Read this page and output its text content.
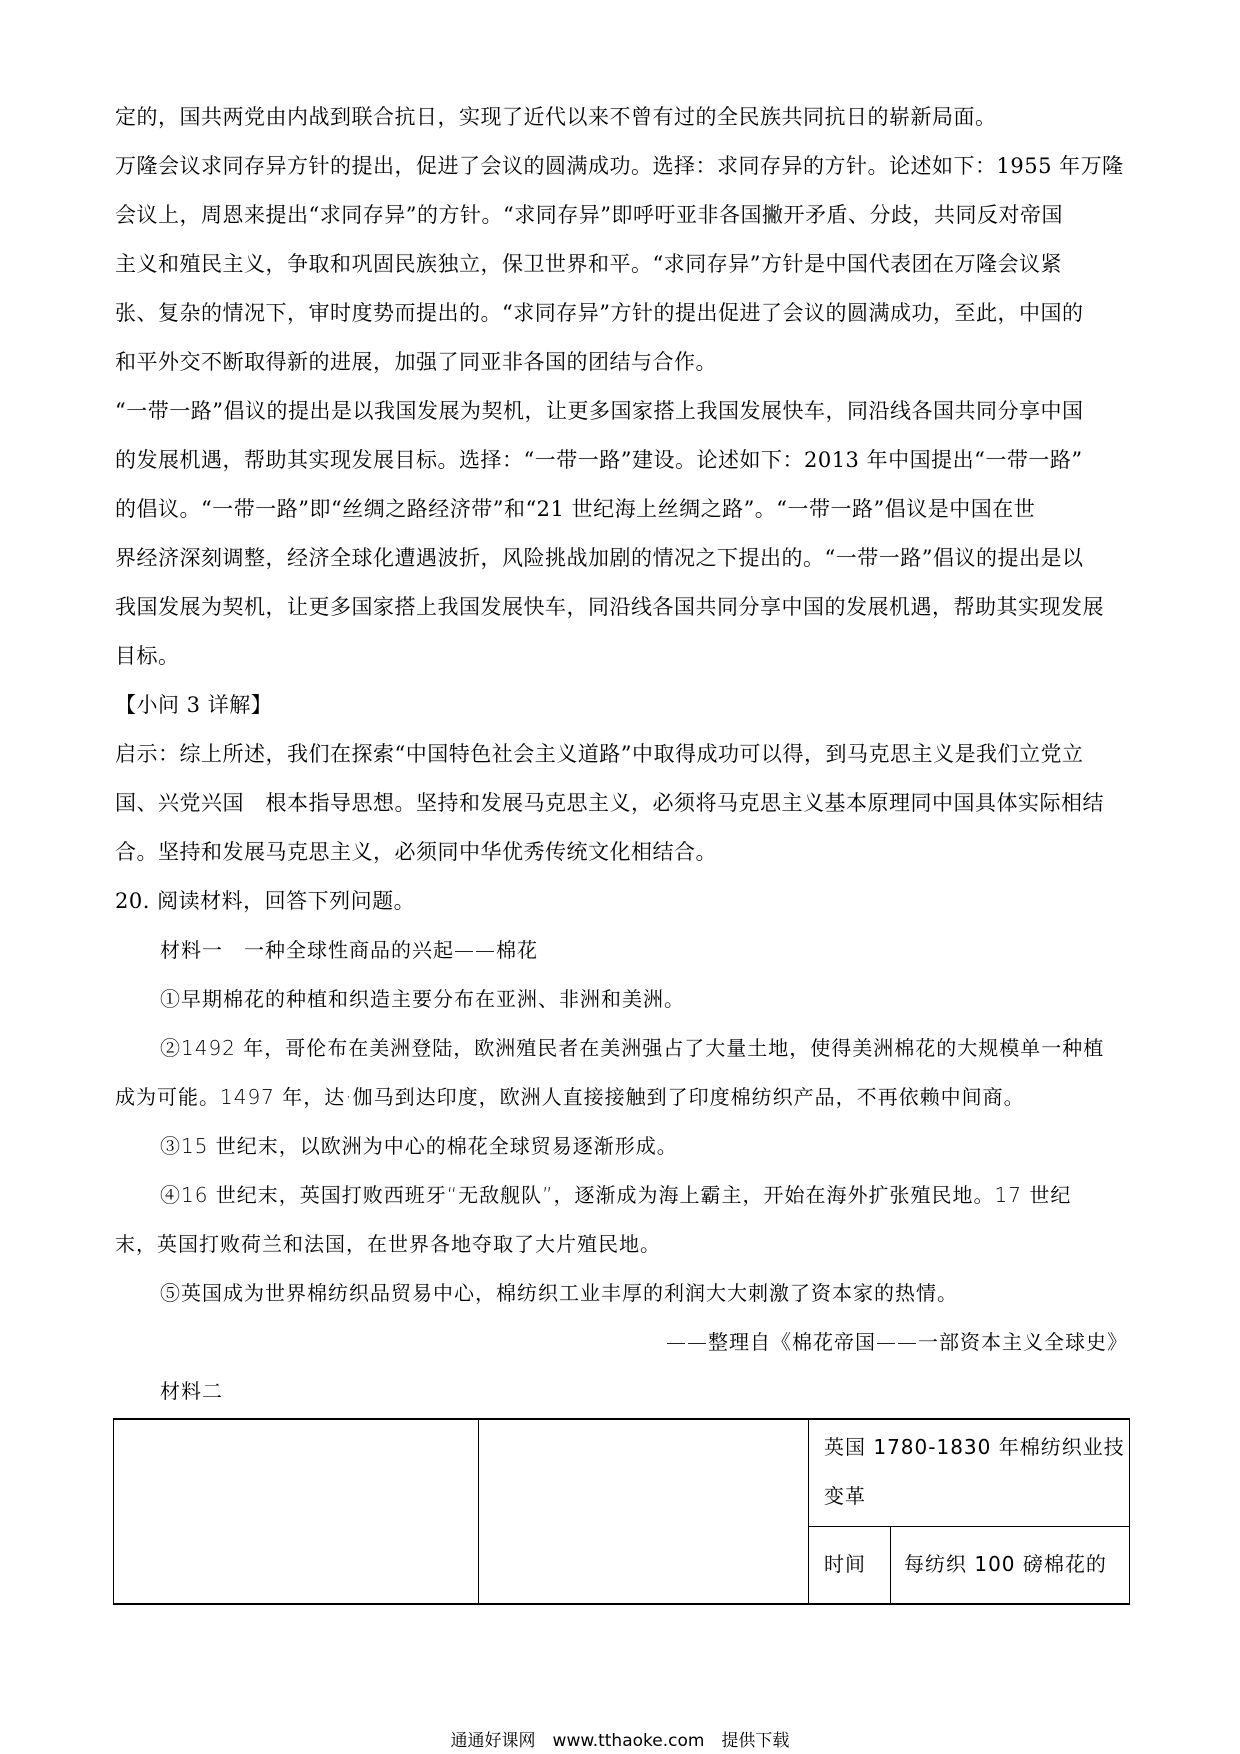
定的，国共两党由内战到联合抗日，实现了近代以来不曾有过的全民族共同抗日的崭新局面。
万隆会议求同存异方针的提出，促进了会议的圆满成功。选择：求同存异的方针。论述如下：1955 年万隆
会议上，周恩来提出“求同存异”的方针。“求同存异”即呼吁亚非各国撇开矛盾、分歧，共同反对帝国
主义和殖民主义，争取和巩固民族独立，保卫世界和平。“求同存异”方针是中国代表团在万隆会议紧
张、复杂的情况下，审时度势而提出的。“求同存异”方针的提出促进了会议的圆满成功，至此，中国的
和平外交不断取得新的进展，加强了同亚非各国的团结与合作。
“一带一路”倡议的提出是以我国发展为契机，让更多国家搭上我国发展快车，同沿线各国共同分享中国
的发展机遇，帮助其实现发展目标。选择：“一带一路”建设。论述如下：2013 年中国提出“一带一路”
的倡议。“一带一路”即“丝绸之路经济带”和“21 世纪海上丝绸之路”。“一带一路”倡议是中国在世
界经济深刻调整，经济全球化遭遇波折，风险挑战加剧的情况之下提出的。“一带一路”倡议的提出是以
我国发展为契机，让更多国家搭上我国发展快车，同沿线各国共同分享中国的发展机遇，帮助其实现发展
目标。
【小问 3 详解】
启示：综上所述，我们在探索“中国特色社会主义道路”中取得成功可以得，到马克思主义是我们立党立
国、兴党兴国　根本指导思想。坚持和发展马克思主义，必须将马克思主义基本原理同中国具体实际相结
合。坚持和发展马克思主义，必须同中华优秀传统文化相结合。
20. 阅读材料，回答下列问题。
材料一　一种全球性商品的兴起——棉花
①早期棉花的种植和织造主要分布在亚洲、非洲和美洲。
②1492 年，哥伦布在美洲登陆，欧洲殖民者在美洲强占了大量土地，使得美洲棉花的大规模单一种植
成为可能。1497 年，达·伽马到达印度，欧洲人直接接触到了印度棉纺织产品，不再依赖中间商。
③15 世纪末，以欧洲为中心的棉花全球贸易逐渐形成。
④16 世纪末，英国打败西班牙“无敌舰队”，逐渐成为海上霸主，开始在海外扩张殖民地。17 世纪
末，英国打败荷兰和法国，在世界各地夺取了大片殖民地。
⑤英国成为世界棉纺织品贸易中心，棉纺织工业丰厚的利润大大刺激了资本家的热情。
——整理自《棉花帝国——一部资本主义全球史》
材料二
英国 1780-1830 年棉纺织业技
变革
时间 每纺织 100 磅棉花的
通通好课网　www.tthaoke.com　提供下载
